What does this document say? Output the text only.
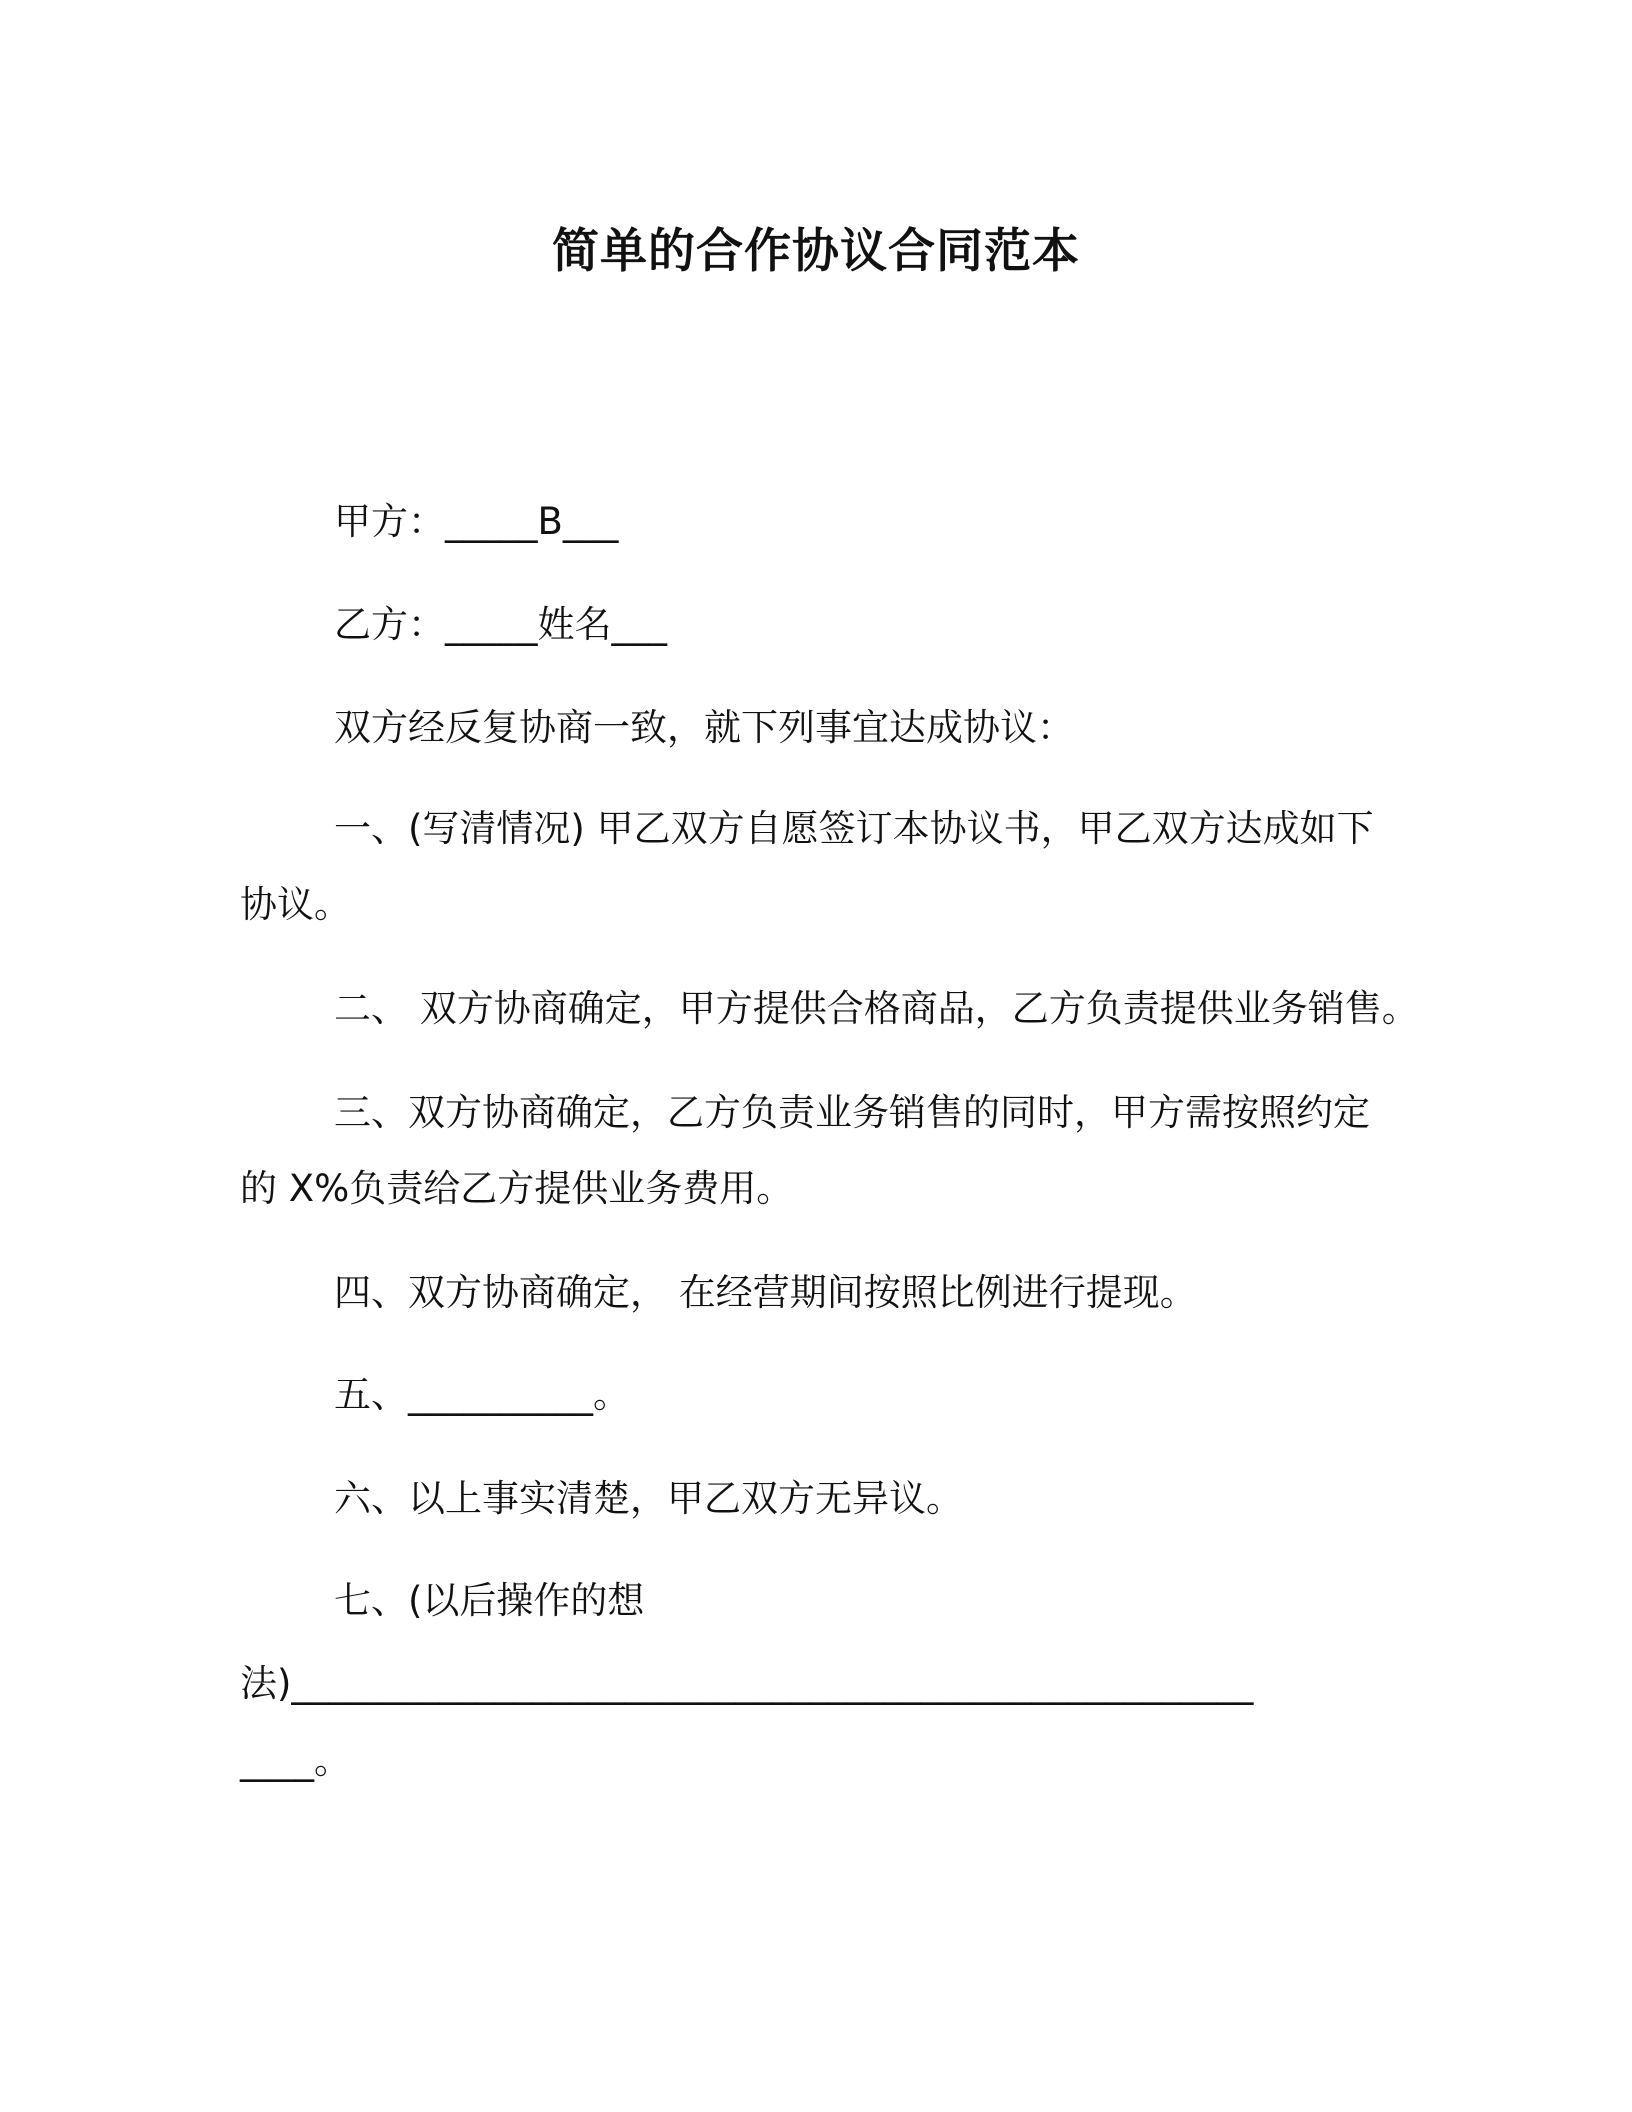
简单的合作协议合同范本

甲方：_____B___

乙方：_____姓名___

双方经反复协商一致，就下列事宜达成协议：

一、(写清情况) 甲乙双方自愿签订本协议书，甲乙双方达成如下

协议。

二、 双方协商确定，甲方提供合格商品，乙方负责提供业务销售。

三、双方协商确定，乙方负责业务销售的同时，甲方需按照约定

的 X%负责给乙方提供业务费用。

四、双方协商确定， 在经营期间按照比例进行提现。

五、__________。

六、以上事实清楚，甲乙双方无异议。

七、(以后操作的想

法)____________________________________________________

____。
